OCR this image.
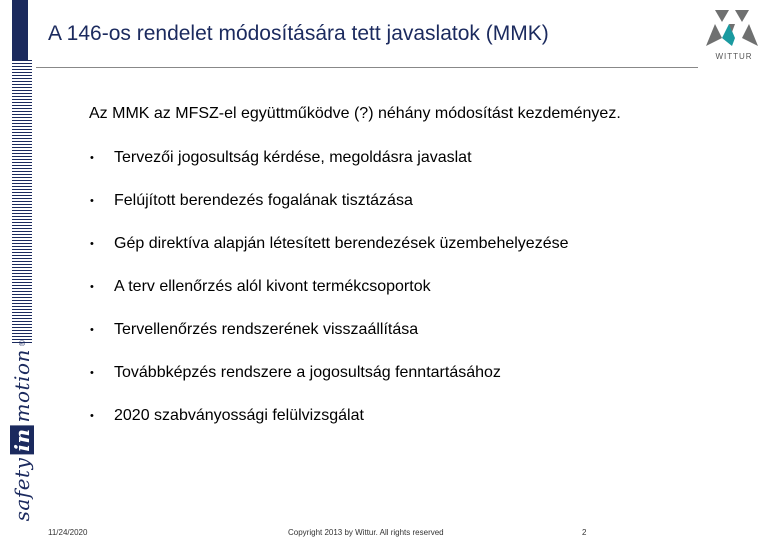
safety
in
motion
®
A 146-os rendelet módosítására tett javaslatok (MMK)
WITTUR

Az MMK az MFSZ-el együttműködve (?) néhány módosítást kezdeményez.

•	Tervezői jogosultság kérdése, megoldásra javaslat
•	Felújított berendezés fogalának tisztázása
•	Gép direktíva alapján létesített berendezések üzembehelyezése
•	A terv ellenőrzés alól kivont termékcsoportok
•	Tervellenőrzés rendszerének visszaállítása
•	Továbbképzés rendszere a jogosultság fenntartásához
•	2020 szabványossági felülvizsgálat
11/24/2020	Copyright 2013 by Wittur. All rights reserved	2
